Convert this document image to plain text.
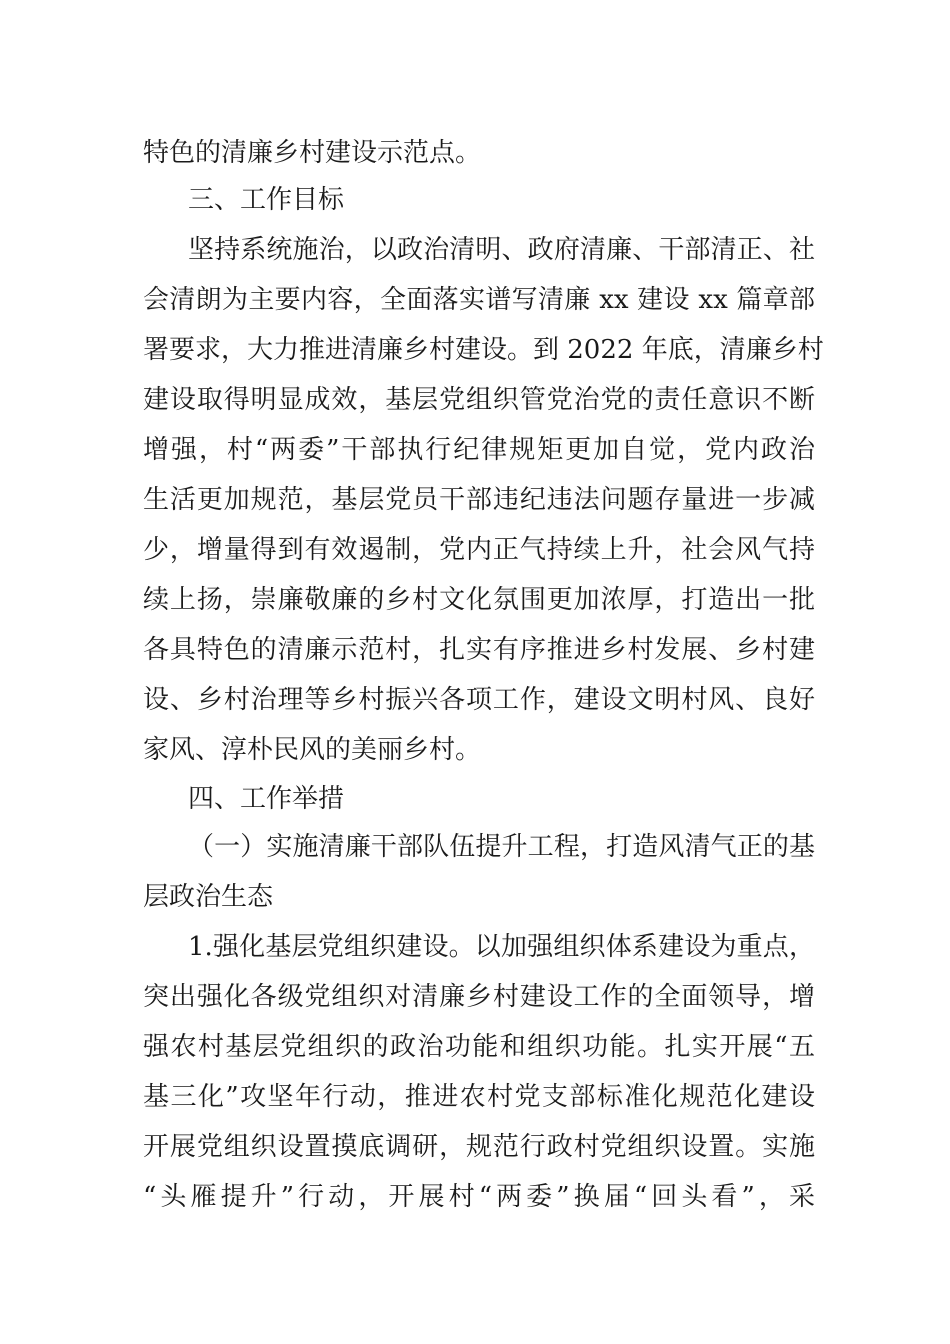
特色的清廉乡村建设示范点。
三、工作目标
坚持系统施治，以政治清明、政府清廉、干部清正、社
会清朗为主要内容，全面落实谱写清廉 xx 建设 xx 篇章部
署要求，大力推进清廉乡村建设。到 2022 年底，清廉乡村
建设取得明显成效，基层党组织管党治党的责任意识不断
增强，村“两委”干部执行纪律规矩更加自觉，党内政治
生活更加规范，基层党员干部违纪违法问题存量进一步减
少，增量得到有效遏制，党内正气持续上升，社会风气持
续上扬，崇廉敬廉的乡村文化氛围更加浓厚，打造出一批
各具特色的清廉示范村，扎实有序推进乡村发展、乡村建
设、乡村治理等乡村振兴各项工作，建设文明村风、良好
家风、淳朴民风的美丽乡村。
四、工作举措
（一）实施清廉干部队伍提升工程，打造风清气正的基
层政治生态
1.强化基层党组织建设。以加强组织体系建设为重点，
突出强化各级党组织对清廉乡村建设工作的全面领导，增
强农村基层党组织的政治功能和组织功能。扎实开展“五
基三化”攻坚年行动，推进农村党支部标准化规范化建设
开展党组织设置摸底调研，规范行政村党组织设置。实施
“头雁提升”行动，开展村“两委”换届“回头看”，采
